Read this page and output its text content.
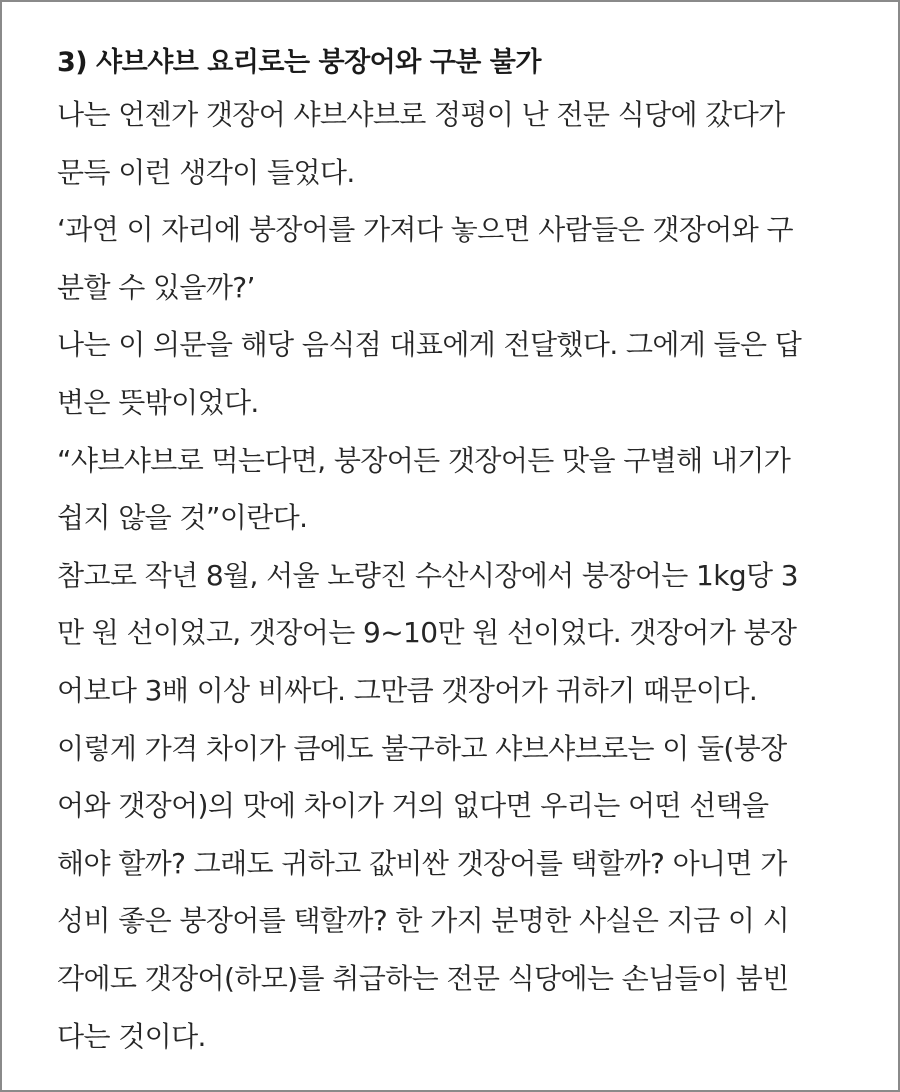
3) 샤브샤브 요리로는 붕장어와 구분 불가
나는 언젠가 갯장어 샤브샤브로 정평이 난 전문 식당에 갔다가
문득 이런 생각이 들었다.
‘과연 이 자리에 붕장어를 가져다 놓으면 사람들은 갯장어와 구
분할 수 있을까?’
나는 이 의문을 해당 음식점 대표에게 전달했다. 그에게 들은 답
변은 뜻밖이었다.
“샤브샤브로 먹는다면, 붕장어든 갯장어든 맛을 구별해 내기가
쉽지 않을 것”이란다.
참고로 작년 8월, 서울 노량진 수산시장에서 붕장어는 1kg당 3
만 원 선이었고, 갯장어는 9~10만 원 선이었다. 갯장어가 붕장
어보다 3배 이상 비싸다. 그만큼 갯장어가 귀하기 때문이다.
이렇게 가격 차이가 큼에도 불구하고 샤브샤브로는 이 둘(붕장
어와 갯장어)의 맛에 차이가 거의 없다면 우리는 어떤 선택을
해야 할까? 그래도 귀하고 값비싼 갯장어를 택할까? 아니면 가
성비 좋은 붕장어를 택할까? 한 가지 분명한 사실은 지금 이 시
각에도 갯장어(하모)를 취급하는 전문 식당에는 손님들이 붐빈
다는 것이다.
